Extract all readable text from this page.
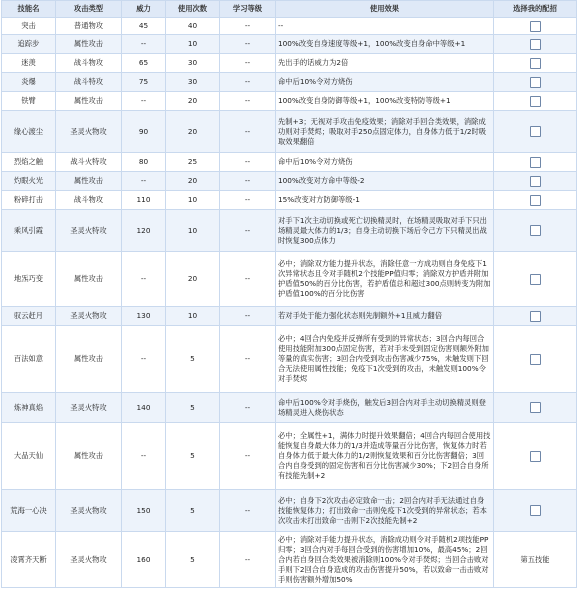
技能名	攻击类型	威力	使用次数	学习等级	使用效果	选择我的配招
突击	普通物攻	45	40	--	--	
追踪步	属性攻击	--	10	--	100%改变自身速度等级+1，100%改变自身命中等级+1	
迷羡	战斗物攻	65	30	--	先出手的话威力为2倍	
炎爆	战斗特攻	75	30	--	命中后10%令对方烧伤	
铁臂	属性攻击	--	20	--	100%改变自身防御等级+1，100%改变特防等级+1	
缘心渡尘	圣灵火物攻	90	20	--	先制+3；无视对手攻击免疫效果；消除对手回合类效果，消除成功则对手焚烬；吸取对手250点固定体力，自身体力低于1/2时吸取效果翻倍	
烈焰之触	战斗火特攻	80	25	--	命中后10%令对方烧伤	
灼眼火光	属性攻击	--	20	--	100%改变对方命中等级-2	
粉碎打击	战斗物攻	110	10	--	15%改变对方防御等级-1	
乘风引霞	圣灵火特攻	120	10	--	对手下1次主动切换或死亡切换精灵时，在场精灵吸取对手下只出场精灵最大体力的1/3；自身主动切换下场后令己方下只精灵出战时恢复300点体力	
地炁巧变	属性攻击	--	20	--	必中；消除双方能力提升状态，消除任意一方成功则自身免疫下1次异常状态且令对手随机2个技能PP值归零；消除双方护盾并附加护盾值50%的百分比伤害，若护盾值总和超过300点则转变为附加护盾值100%的百分比伤害	
驭云赶月	圣灵火物攻	130	10	--	若对手处于能力强化状态则先制额外+1且威力翻倍	
百法如意	属性攻击	--	5	--	必中；4回合内免疫并反弹所有受到的异常状态；3回合内每回合使用技能附加300点固定伤害，若对手未受到固定伤害则额外附加等量的真实伤害；3回合内受到攻击伤害减少75%，未触发则下回合无法使用属性技能；免疫下1次受到的攻击，未触发则100%令对手焚烬	
炼神真焰	圣灵火特攻	140	5	--	命中后100%令对手烧伤，触发后3回合内对手主动切换精灵则登场精灵进入烧伤状态	
大品天仙	属性攻击	--	5	--	必中；全属性+1，满体力时提升效果翻倍；4回合内每回合使用技能恢复自身最大体力的1/3并造成等量百分比伤害，恢复体力时若自身体力低于最大体力的1/2则恢复效果和百分比伤害翻倍；3回合内自身受到的固定伤害和百分比伤害减少30%；下2回合自身所有技能先制+2	
荒海一心决	圣灵火物攻	150	5	--	必中；自身下2次攻击必定致命一击；2回合内对手无法通过自身技能恢复体力；打出致命一击则免疫下1次受到的异常状态；若本次攻击未打出致命一击则下2次技能先制+2	
凌霄齐天断	圣灵火物攻	160	5	--	必中；消除对手能力提升状态，消除成功则令对手随机2项技能PP归零；3回合内对手每回合受到的伤害增加10%，最高45%；2回合内若自身回合类效果被消除则100%令对手焚烬；当回合击败对手则下2回合自身造成的攻击伤害提升50%，若以致命一击击败对手则伤害额外增加50%	第五技能
